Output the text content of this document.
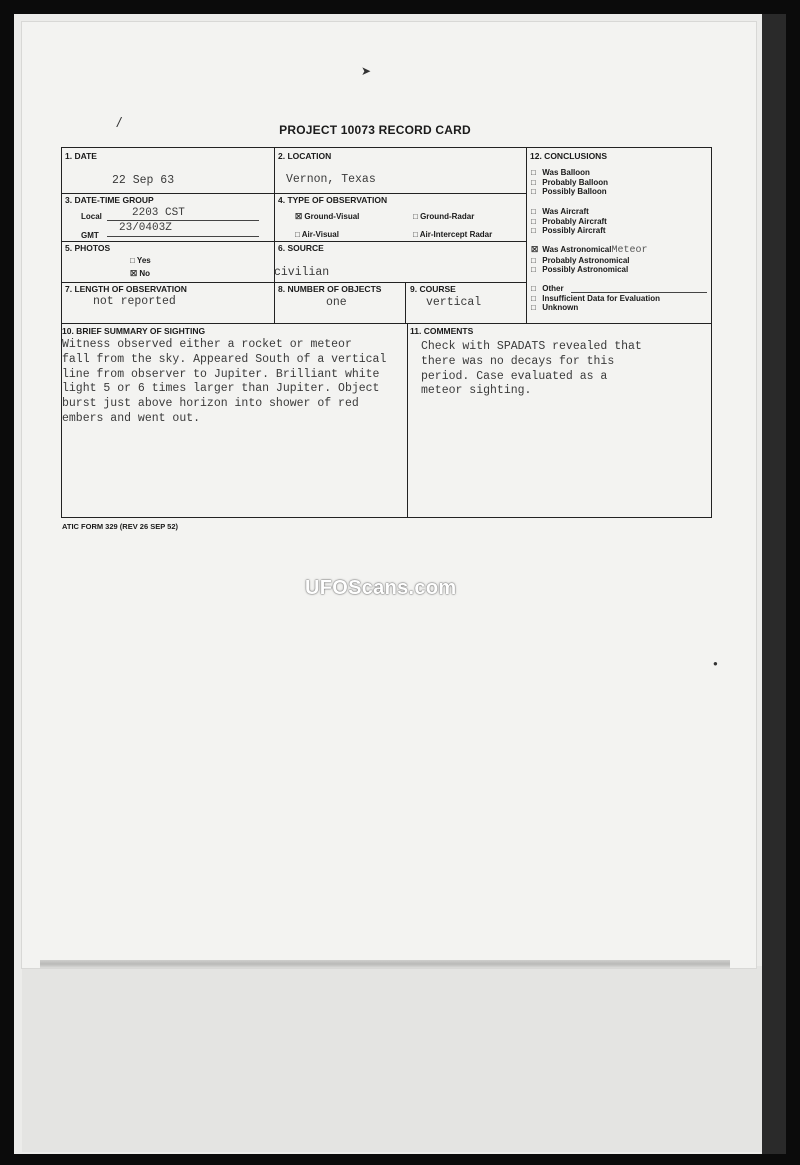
➤
/	PROJECT 10073 RECORD CARD
1. DATE
22 Sep 63
2. LOCATION
Vernon, Texas
3. DATE-TIME GROUP
Local	2203 CST
GMT
23/0403Z
4. TYPE OF OBSERVATION
☒ Ground-Visual	□ Ground-Radar
□ Air-Visual	□ Air-Intercept Radar
5. PHOTOS
□ Yes
☒ No
6. SOURCE
civilian
7. LENGTH OF OBSERVATION
not reported
8. NUMBER OF OBJECTS
one
9. COURSE
vertical
10. BRIEF SUMMARY OF SIGHTING
Witness observed either a rocket or meteor
fall from the sky. Appeared South of a vertical
line from observer to Jupiter. Brilliant white
light 5 or 6 times larger than Jupiter. Object
burst just above horizon into shower of red
embers and went out.
11. COMMENTS
Check with SPADATS revealed that
there was no decays for this
period. Case evaluated as a
meteor sighting.
12. CONCLUSIONS
□ Was Balloon
□ Probably Balloon
□ Possibly Balloon
□ Was Aircraft
□ Probably Aircraft
□ Possibly Aircraft
☒ Was AstronomicalMeteor
□ Probably Astronomical
□ Possibly Astronomical
□ Other
□ Insufficient Data for Evaluation
□ Unknown
ATIC FORM 329 (REV 26 SEP 52)
UFOScans.com
●
